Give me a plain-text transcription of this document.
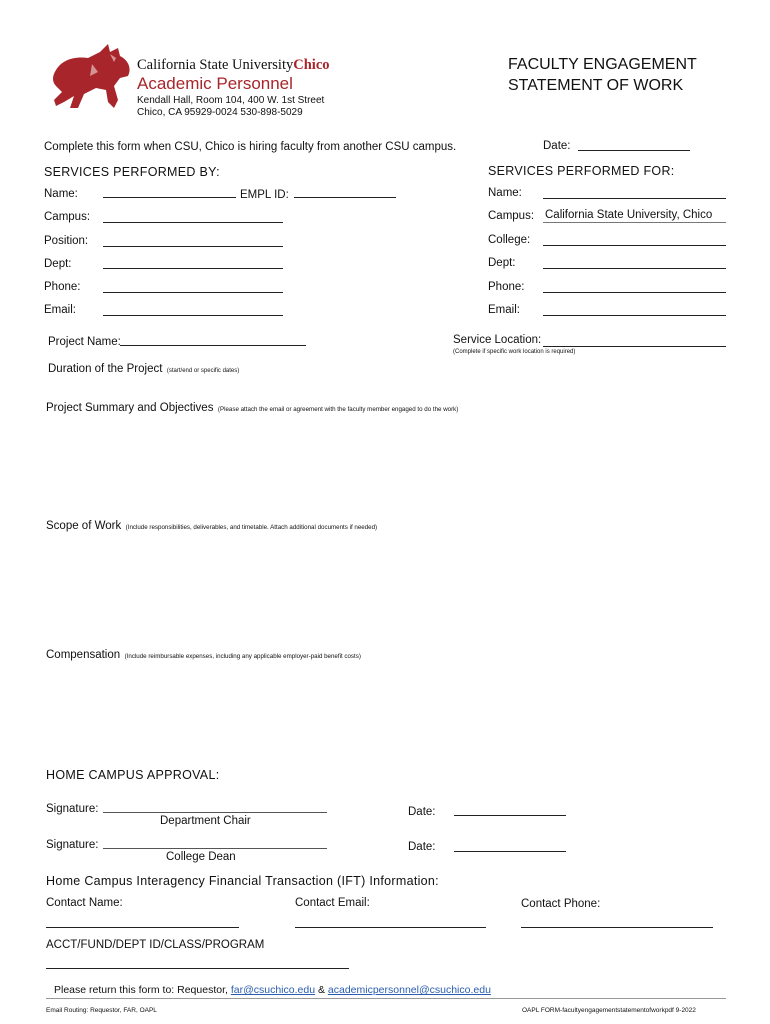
California State UniversityChico
Academic Personnel
Kendall Hall, Room 104, 400 W. 1st Street
Chico, CA 95929-0024 530-898-5029
FACULTY ENGAGEMENT
STATEMENT OF WORK
Complete this form when CSU, Chico is hiring faculty from another CSU campus.	Date:
SERVICES PERFORMED BY:
Name:	EMPL ID:
Campus:
Position:
Dept:
Phone:
Email:
SERVICES PERFORMED FOR:
Name:
Campus: California State University, Chico
College:
Dept:
Phone:
Email:
Project Name:
Duration of the Project (start/end or specific dates)
Service Location:
(Complete if specific work location is required)
Project Summary and Objectives (Please attach the email or agreement with the faculty member engaged to do the work)
Scope of Work (Include responsibilities, deliverables, and timetable. Attach additional documents if needed)
Compensation (Include reimbursable expenses, including any applicable employer-paid benefit costs)
HOME CAMPUS APPROVAL:
Signature:
Department Chair
Date:
Signature:
College Dean
Date:
Home Campus Interagency Financial Transaction (IFT) Information:
Contact Name:	Contact Email:	Contact Phone:
ACCT/FUND/DEPT ID/CLASS/PROGRAM
Please return this form to: Requestor, far@csuchico.edu & academicpersonnel@csuchico.edu
Email Routing: Requestor, FAR, OAPL	OAPL FORM-facultyengagementstatementofworkpdf 9-2022
